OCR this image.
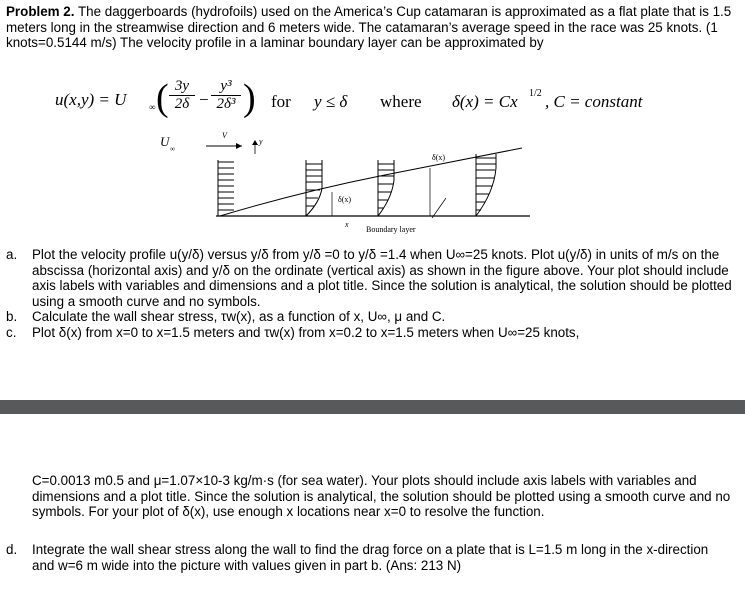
Problem 2. The daggerboards (hydrofoils) used on the America’s Cup catamaran is approximated as a flat plate that is 1.5 meters long in the streamwise direction and 6 meters wide. The catamaran’s average speed in the race was 25 knots. (1 knots=0.5144 m/s) The velocity profile in a laminar boundary layer can be approximated by
u(x,y) = U	∞ ( $\frac{3y}{2\delta} - \frac{\text{y³}}{\text{2δ³}}$ ) for y ≤ δ where δ(x) = Cx 1/2 , C = constant
U ∞
V
y
x
δ(x)
δ(x)
Boundary layer
a. Plot the velocity profile u(y/δ) versus y/δ from y/δ =0 to y/δ =1.4 when U∞=25 knots. Plot u(y/δ) in units of m/s on the abscissa (horizontal axis) and y/δ on the ordinate (vertical axis) as shown in the figure above. Your plot should include axis labels with variables and dimensions and a plot title. Since the solution is analytical, the solution should be plotted using a smooth curve and no symbols.
b. Calculate the wall shear stress, τw(x), as a function of x, U∞, μ and C.
c. Plot δ(x) from x=0 to x=1.5 meters and τw(x) from x=0.2 to x=1.5 meters when U∞=25 knots,
C=0.0013 m0.5 and μ=1.07×10-3 kg/m·s (for sea water). Your plots should include axis labels with variables and dimensions and a plot title. Since the solution is analytical, the solution should be plotted using a smooth curve and no symbols. For your plot of δ(x), use enough x locations near x=0 to resolve the function.
d. Integrate the wall shear stress along the wall to find the drag force on a plate that is L=1.5 m long in the x-direction and w=6 m wide into the picture with values given in part b. (Ans: 213 N)
